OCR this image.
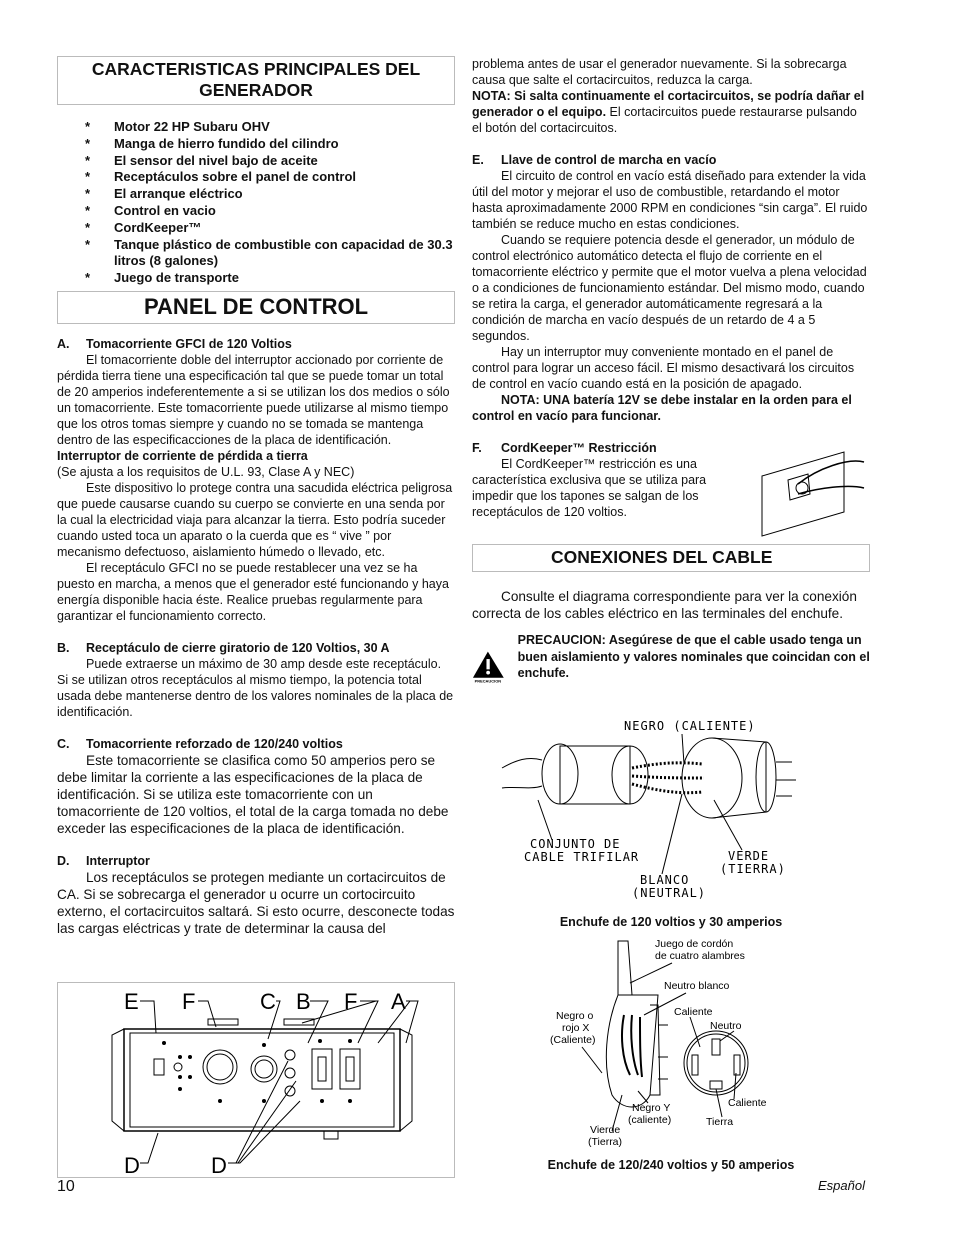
CARACTERISTICAS PRINCIPALES DEL GENERADOR
*	Motor 22 HP Subaru OHV
*	Manga de hierro fundido del cilindro
*	El sensor del nivel bajo de aceite
*	Receptáculos sobre el panel de control
*	El arranque eléctrico
*	Control en vacio
*	CordKeeper™
*	Tanque plástico de combustible con capacidad de 30.3 litros (8 galones)
*	Juego de transporte
PANEL DE CONTROL
A. Tomacorriente GFCI de 120 Voltios

El tomacorriente doble del interruptor accionado por corriente de pérdida tierra tiene una especificación tal que se puede tomar un total de 20 amperios indeferentemente a si se utilizan los dos medios o sólo un tomacorriente. Este tomacorriente puede utilizarse al mismo tiempo que los otros tomas siempre y cuando no se tomada se mantenga dentro de las especificacciones de la placa de identificación.

Interruptor de corriente de pérdida a tierra

(Se ajusta a los requisitos de U.L. 93, Clase A y NEC)

Este dispositivo lo protege contra una sacudida eléctrica peligrosa que puede causarse cuando su cuerpo se convierte en una senda por la cual la electricidad viaja para alcanzar la tierra. Esto podría suceder cuando usted toca un aparato o la cuerda que es “ vive ” por mecanismo defectuoso, aislamiento húmedo o llevado, etc.

El receptáculo GFCI no se puede restablecer una vez se ha puesto en marcha, a menos que el generador esté funcionando y haya energía disponible hacia éste. Realice pruebas regularmente para garantizar el funcionamiento correcto.

B. Receptáculo de cierre giratorio de 120 Voltios, 30 A

Puede extraerse un máximo de 30 amp desde este receptáculo. Si se utilizan otros receptáculos al mismo tiempo, la potencia total usada debe mantenerse dentro de los valores nominales de la placa de identificación.

C. Tomacorriente reforzado de 120/240 voltios

Este tomacorriente se clasifica como 50 amperios pero se debe limitar la corriente a las especificaciones de la placa de identificación. Si se utiliza este tomacorriente con un tomacorriente de 120 voltios, el total de la carga tomada no debe exceder las especificaciones de la placa de identificación.

D. Interruptor

Los receptáculos se protegen mediante un cortacircuitos de CA. Si se sobrecarga el generador u ocurre un cortocircuito externo, el cortacircuitos saltará. Si esto ocurre, desconecte todas las cargas eléctricas y trate de determinar la causa del

E F	C B F A
D	D

problema antes de usar el generador nuevamente. Si la sobrecarga causa que salte el cortacircuitos, reduzca la carga.

NOTA: Si salta continuamente el cortacircuitos, se podría dañar el generador o el equipo. El cortacircuitos puede restaurarse pulsando el botón del cortacircuitos.

E. Llave de control de marcha en vacío

El circuito de control en vacío está diseñado para extender la vida útil del motor y mejorar el uso de combustible, retardando el motor hasta aproximadamente 2000 RPM en condiciones “sin carga”. El ruido también se reduce mucho en estas condiciones.

Cuando se requiere potencia desde el generador, un módulo de control electrónico automático detecta el flujo de corriente en el tomacorriente eléctrico y permite que el motor vuelva a plena velocidad o a condiciones de funcionamiento estándar. Del mismo modo, cuando se retira la carga, el generador automáticamente regresará a la condición de marcha en vacío después de un retardo de 4 a 5 segundos.

Hay un interruptor muy conveniente montado en el panel de control para lograr un acceso fácil. El mismo desactivará los circuitos de control en vacío cuando está en la posición de apagado.

NOTA: UNA batería 12V se debe instalar en la orden para el control en vacío para funcionar.

F. CordKeeper™ Restricción

El CordKeeper™ restricción es una característica exclusiva que se utiliza para impedir que los tapones se salgan de los receptáculos de 120 voltios.

CONEXIONES DEL CABLE

Consulte el diagrama correspondiente para ver la conexión correcta de los cables eléctrico en las terminales del enchufe.

PRECAUCION

PRECAUCION: Asegúrese de que el cable usado tenga un buen aislamiento y valores nominales que coincidan con el enchufe.

NEGRO (CALIENTE)
CONJUNTO DE
CABLE TRIFILAR
BLANCO
(NEUTRAL)
VERDE
(TIERRA)
Enchufe de 120 voltios y 30 amperios
Juego de cordón
de cuatro alambres
Neutro blanco
Negro o
rojo X
(Caliente)
Caliente
Neutro
Negro Y
(caliente)
Vierde
(Tierra)
Caliente
Tierra
Enchufe de 120/240 voltios y 50 amperios
10	Español
